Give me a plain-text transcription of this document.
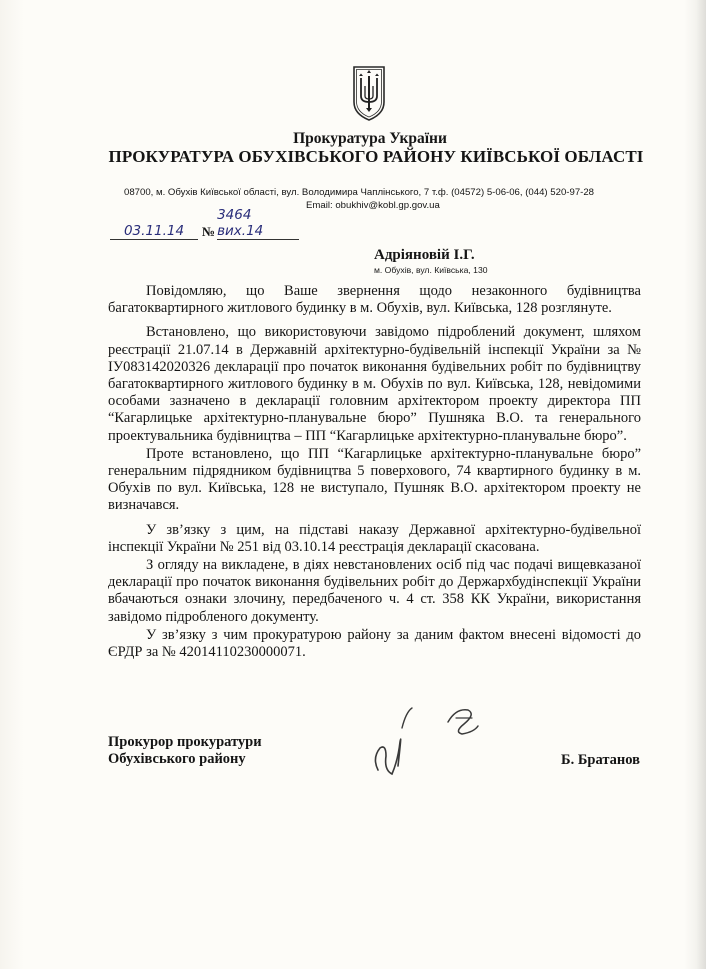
Прокуратура України
ПРОКУРАТУРА ОБУХІВСЬКОГО РАЙОНУ КИЇВСЬКОЇ ОБЛАСТІ
08700, м. Обухів Київської області, вул. Володимира Чаплінського, 7 т.ф. (04572) 5-06-06, (044) 520-97-28
Email: obukhiv@kobl.gp.gov.ua
03.11.14 №3464 вих.14
Адріяновій І.Г.
м. Обухів, вул. Київська, 130

Повідомляю, що Ваше звернення щодо незаконного будівництва багатоквартирного житлового будинку в м. Обухів, вул. Київська, 128 розглянуте.

Встановлено, що використовуючи завідомо підроблений документ, шляхом реєстрації 21.07.14 в Державній архітектурно-будівельній інспекції України за № ІУ083142020326 декларації про початок виконання будівельних робіт по будівництву багатоквартирного житлового будинку в м. Обухів по вул. Київська, 128, невідомими особами зазначено в декларації головним архітектором проекту директора ПП “Кагарлицьке архітектурно-планувальне бюро” Пушняка В.О. та генерального проектувальника будівництва – ПП “Кагарлицьке архітектурно-планувальне бюро”.

Проте встановлено, що ПП “Кагарлицьке архітектурно-планувальне бюро” генеральним підрядником будівництва 5 поверхового, 74 квартирного будинку в м. Обухів по вул. Київська, 128 не виступало, Пушняк В.О. архітектором проекту не визначався.

У зв’язку з цим, на підставі наказу Державної архітектурно-будівельної інспекції України № 251 від 03.10.14 реєстрація декларації скасована.

З огляду на викладене, в діях невстановлених осіб під час подачі вищевказаної декларації про початок виконання будівельних робіт до Держархбудінспекції України вбачаються ознаки злочину, передбаченого ч. 4 ст. 358 КК України, використання завідомо підробленого документу.

У зв’язку з чим прокуратурою району за даним фактом внесені відомості до ЄРДР за № 42014110230000071.

Прокурор прокуратури
Обухівського району	Б. Братанов
